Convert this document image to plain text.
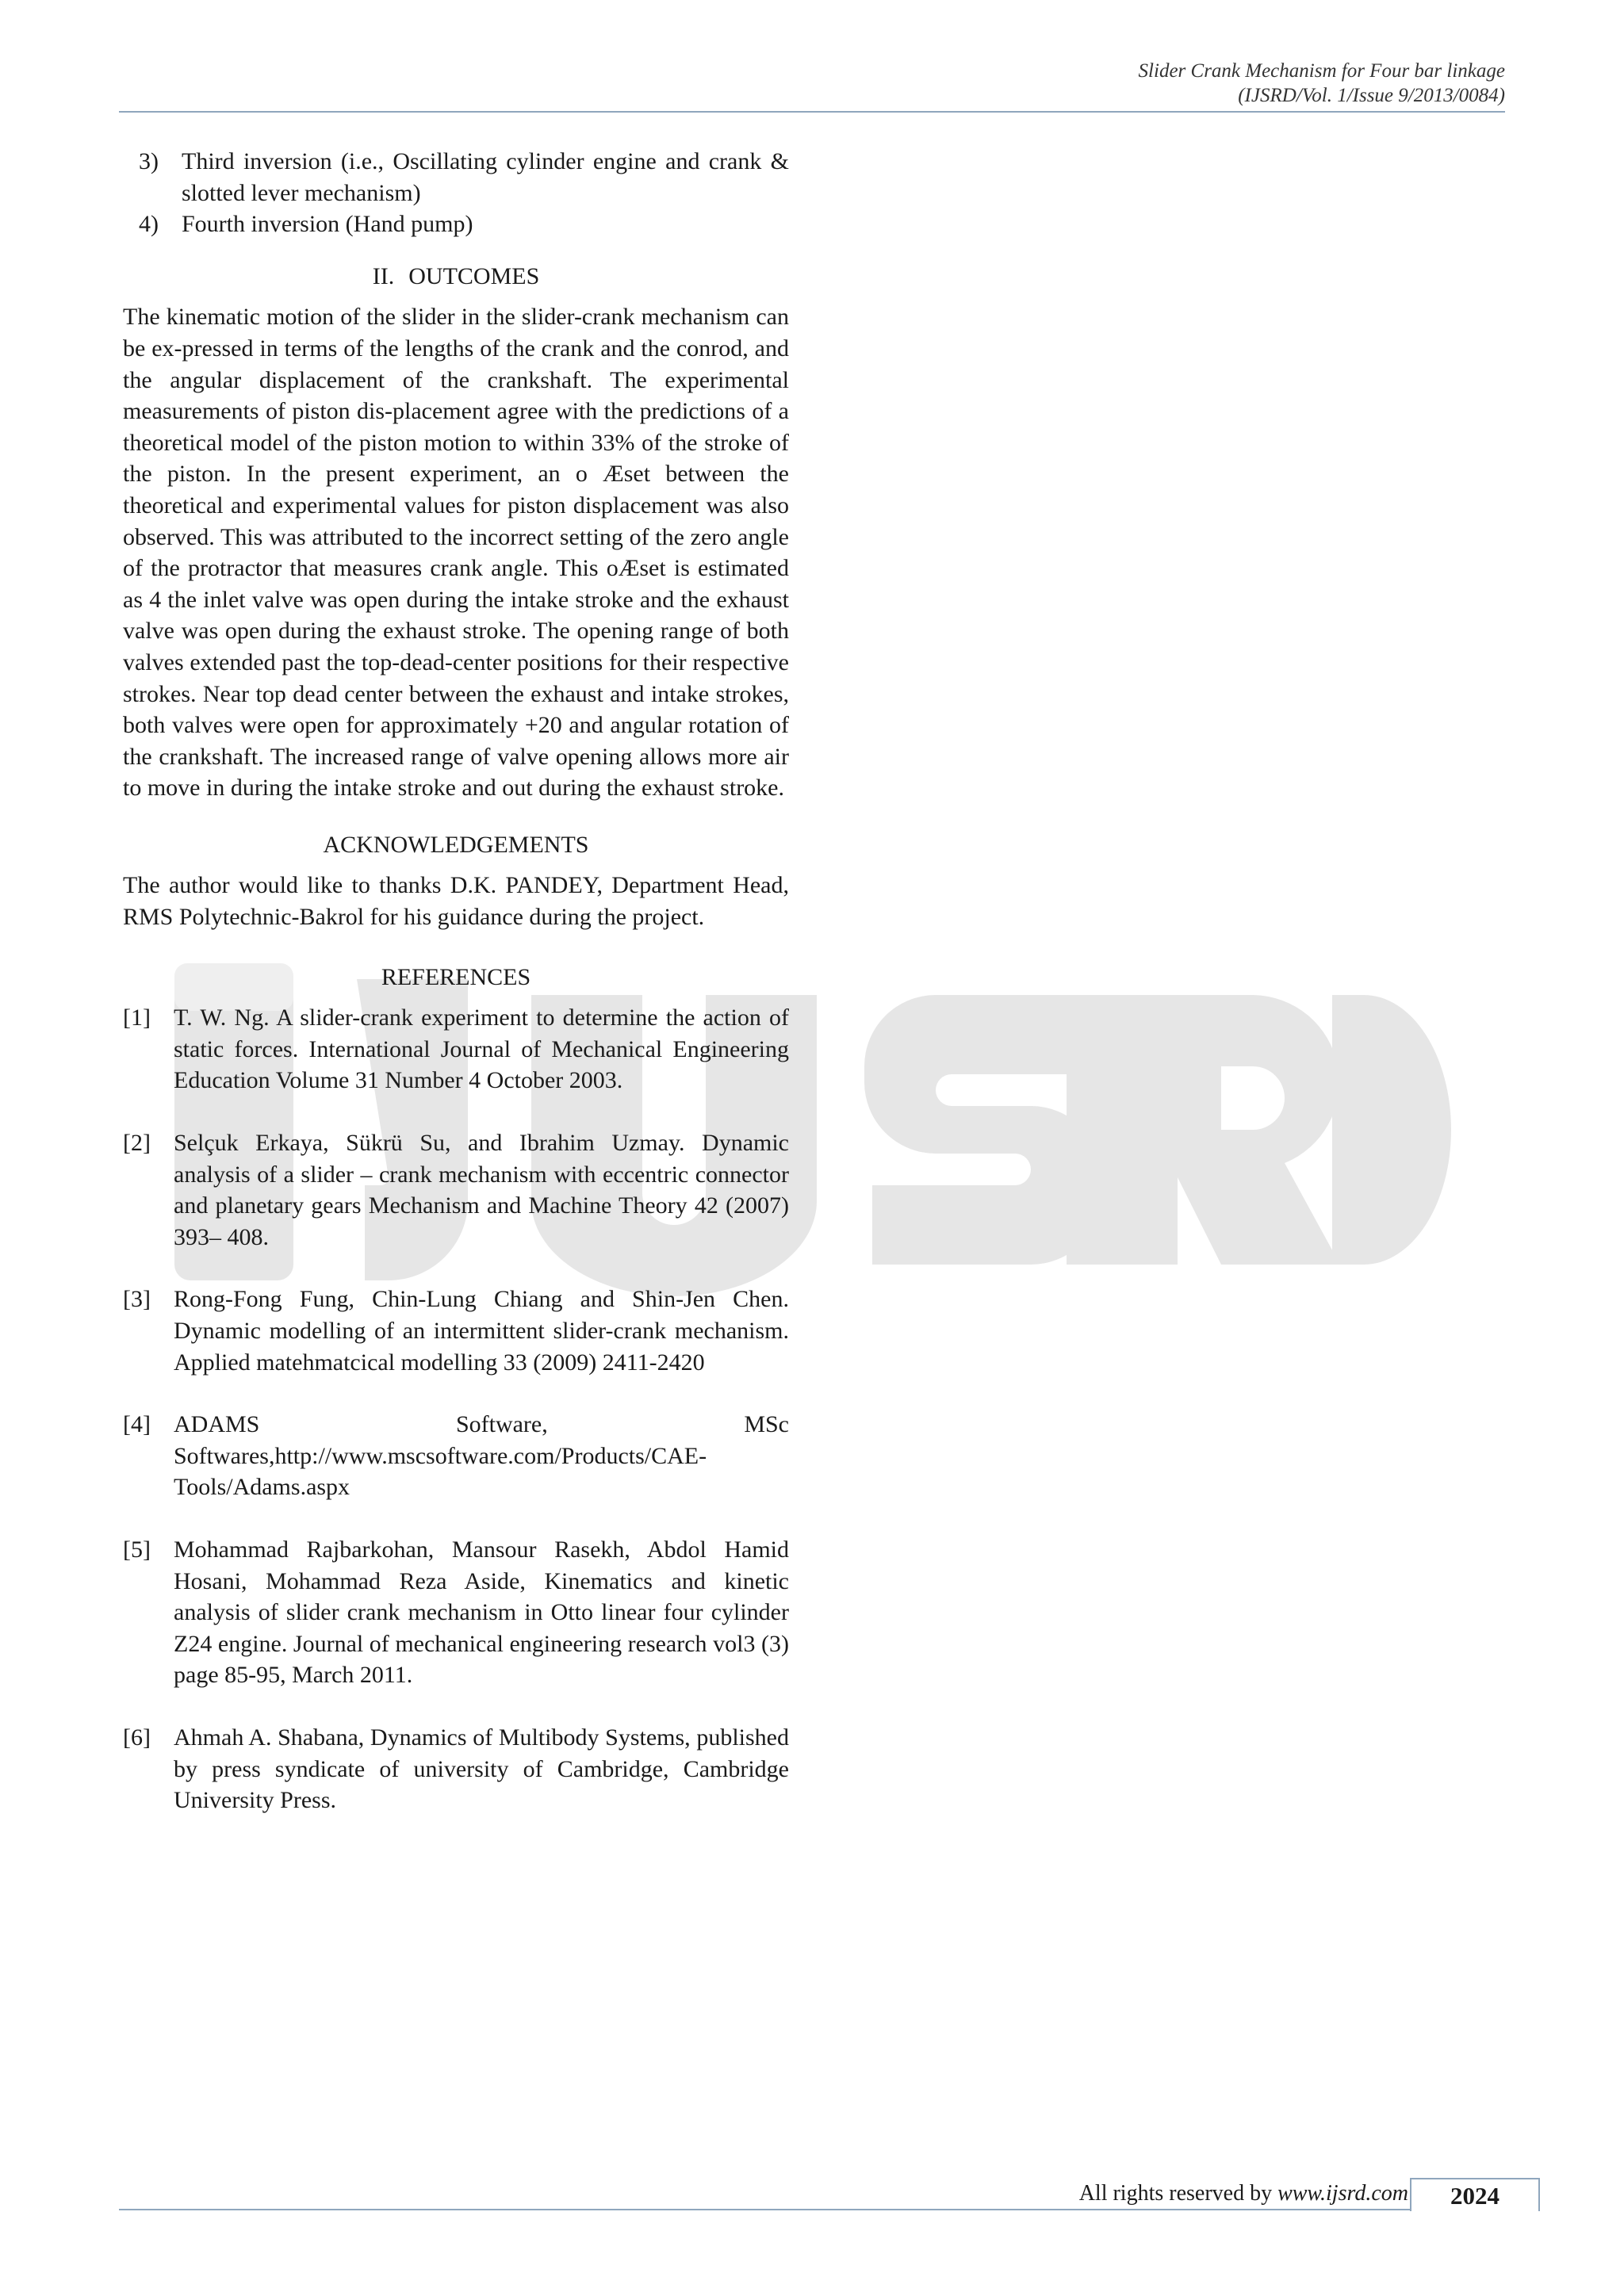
Slider Crank Mechanism for Four bar linkage
(IJSRD/Vol. 1/Issue 9/2013/0084)
3) Third inversion (i.e., Oscillating cylinder engine and crank & slotted lever mechanism)
4) Fourth inversion (Hand pump)
II. OUTCOMES

The kinematic motion of the slider in the slider-crank mechanism can be ex-pressed in terms of the lengths of the crank and the conrod, and the angular displacement of the crankshaft. The experimental measurements of piston dis-placement agree with the predictions of a theoretical model of the piston motion to within 33% of the stroke of the piston. In the present experiment, an o Æset between the theoretical and experimental values for piston displacement was also observed. This was attributed to the incorrect setting of the zero angle of the protractor that measures crank angle. This oÆset is estimated as 4 the inlet valve was open during the intake stroke and the exhaust valve was open during the exhaust stroke. The opening range of both valves extended past the top-dead-center positions for their respective strokes. Near top dead center between the exhaust and intake strokes, both valves were open for approximately +20 and angular rotation of the crankshaft. The increased range of valve opening allows more air to move in during the intake stroke and out during the exhaust stroke.

ACKNOWLEDGEMENTS

The author would like to thanks D.K. PANDEY, Department Head, RMS Polytechnic-Bakrol for his guidance during the project.

REFERENCES
[1] T. W. Ng. A slider-crank experiment to determine the action of static forces. International Journal of Mechanical Engineering Education Volume 31 Number 4 October 2003.
[2] Selçuk Erkaya, Sükrü Su, and Ibrahim Uzmay. Dynamic analysis of a slider – crank mechanism with eccentric connector and planetary gears Mechanism and Machine Theory 42 (2007) 393– 408.
[3] Rong-Fong Fung, Chin-Lung Chiang and Shin-Jen Chen. Dynamic modelling of an intermittent slider-crank mechanism. Applied matehmatcical modelling 33 (2009) 2411-2420
[4] ADAMS Software, MSc Softwares,http://www.mscsoftware.com/Products/CAE-Tools/Adams.aspx
[5] Mohammad Rajbarkohan, Mansour Rasekh, Abdol Hamid Hosani, Mohammad Reza Aside, Kinematics and kinetic analysis of slider crank mechanism in Otto linear four cylinder Z24 engine. Journal of mechanical engineering research vol3 (3) page 85-95, March 2011.
[6] Ahmah A. Shabana, Dynamics of Multibody Systems, published by press syndicate of university of Cambridge, Cambridge University Press.
All rights reserved by www.ijsrd.com	2024
